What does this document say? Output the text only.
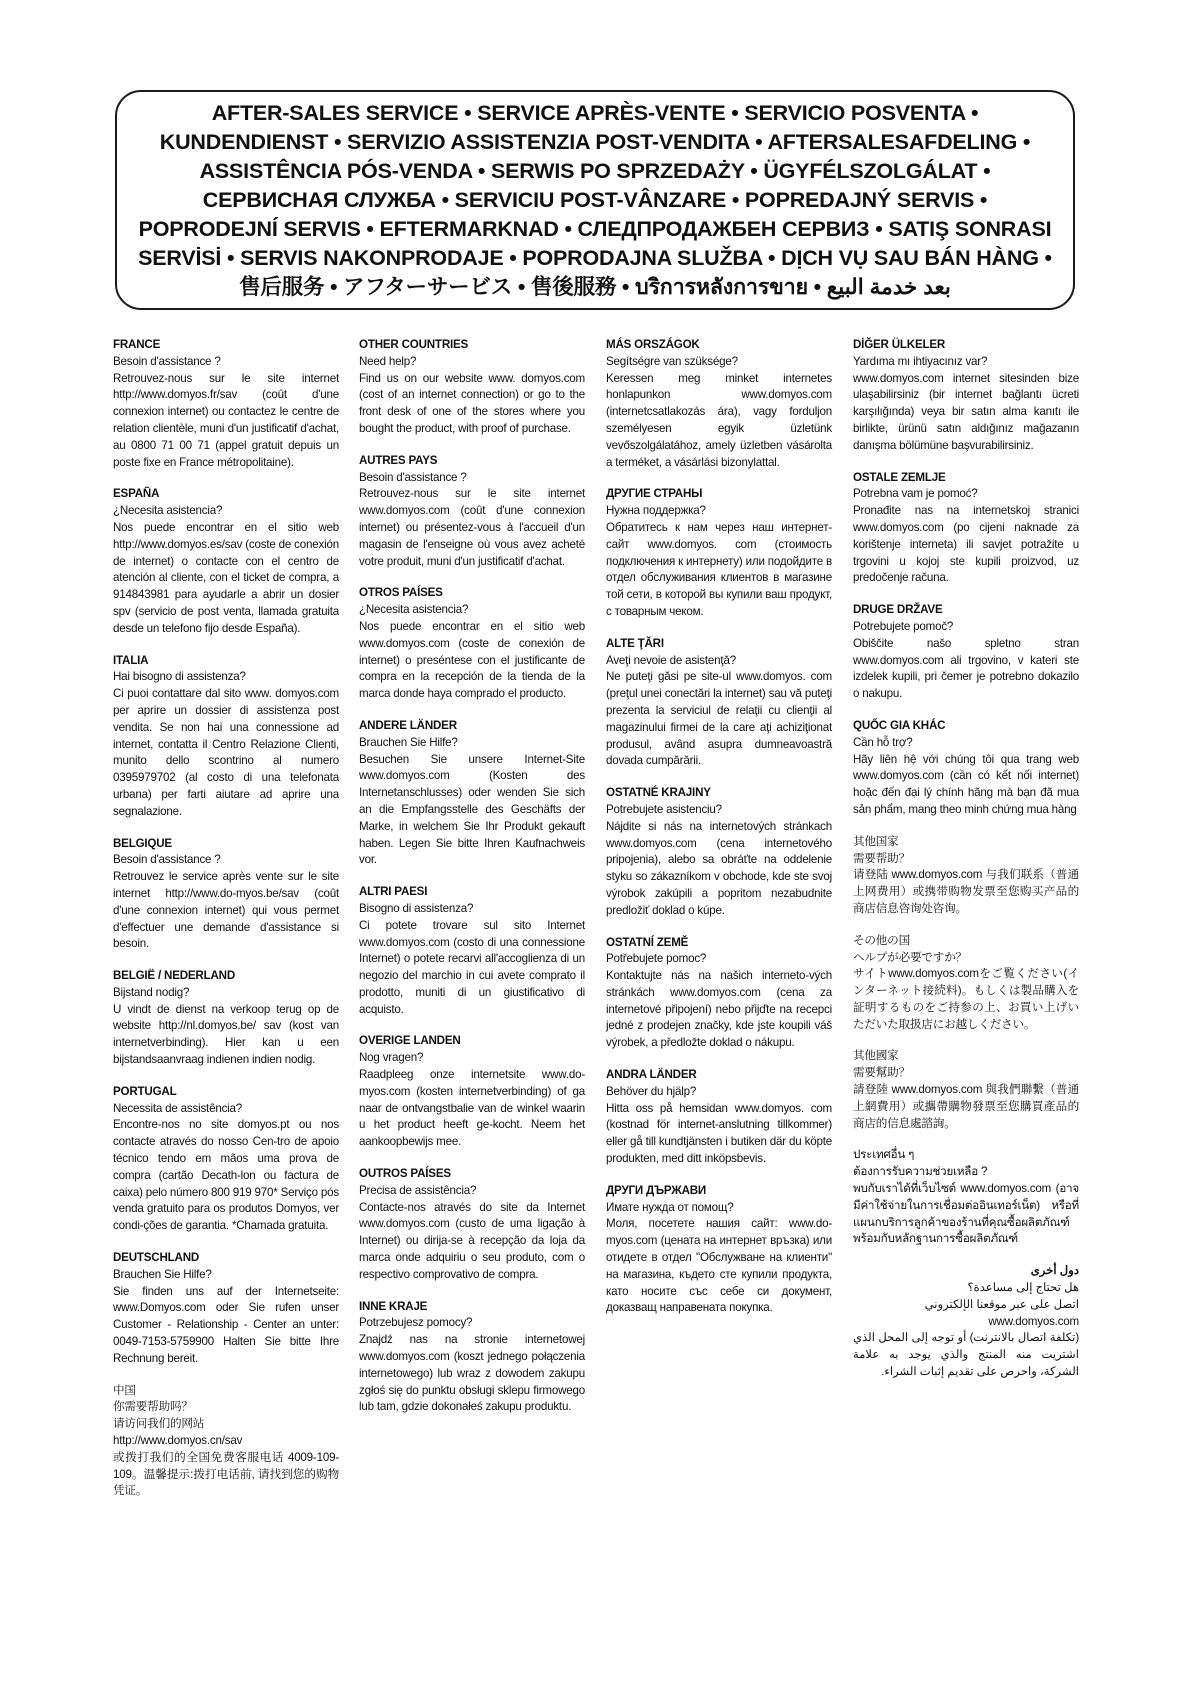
AFTER-SALES SERVICE • SERVICE APRÈS-VENTE • SERVICIO POSVENTA •
KUNDENDIENST • SERVIZIO ASSISTENZIA POST-VENDITA • AFTERSALESAFDELING •
ASSISTÊNCIA PÓS-VENDA • SERWIS PO SPRZEDAŻY • ÜGYFÉLSZOLGÁLAT •
СЕРВИСНАЯ СЛУЖБА • SERVICIU POST-VÂNZARE • POPREDAJNÝ SERVIS •
POPRODEJNÍ SERVIS • EFTERMARKNAD • СЛЕДПРОДАЖБЕН СЕРВИЗ • SATIŞ SONRASI
SERVİSİ • SERVIS NAKONPRODAJE • POPRODAJNA SLUŽBA • DỊCH VỤ SAU BÁN HÀNG •
售后服务 • アフターサービス • 售後服務 • บริการหลังการขาย • بعد خدمة البيع
FRANCE
Besoin d'assistance ?
Retrouvez-nous sur le site internet http://www.domyos.fr/sav (coût d'une connexion internet) ou contactez le centre de relation clientèle, muni d'un justificatif d'achat, au 0800 71 00 71 (appel gratuit depuis un poste fixe en France métropolitaine).
ESPAÑA
¿Necesita asistencia?
Nos puede encontrar en el sitio web http://www.domyos.es/sav (coste de conexión de internet) o contacte con el centro de atención al cliente, con el ticket de compra, a 914843981 para ayudarle a abrir un dosier spv (servicio de post venta, llamada gratuita desde un telefono fijo desde España).
ITALIA
Hai bisogno di assistenza?
Ci puoi contattare dal sito www. domyos.com per aprire un dossier di assistenza post vendita. Se non hai una connessione ad internet, contatta il Centro Relazione Clienti, munito dello scontrino al numero 0395979702 (al costo di una telefonata urbana) per farti aiutare ad aprire una segnalazione.
BELGIQUE
Besoin d'assistance ?
Retrouvez le service après vente sur le site internet http://www.do-myos.be/sav (coût d'une connexion internet) qui vous permet d'effectuer une demande d'assistance si besoin.
BELGIË / NEDERLAND
Bijstand nodig?
U vindt de dienst na verkoop terug op de website http://nl.domyos.be/ sav (kost van internetverbinding). Hier kan u een bijstandsaanvraag indienen indien nodig.
PORTUGAL
Necessita de assistência?
Encontre-nos no site domyos.pt ou nos contacte através do nosso Cen-tro de apoio técnico tendo em mãos uma prova de compra (cartão Decath-lon ou factura de caixa) pelo número 800 919 970* Serviço pós venda gratuito para os produtos Domyos, ver condi-ções de garantia. *Chamada gratuita.
DEUTSCHLAND
Brauchen Sie Hilfe?
Sie finden uns auf der Internetseite: www.Domyos.com oder Sie rufen unser Customer - Relationship - Center an unter: 0049-7153-5759900 Halten Sie bitte Ihre Rechnung bereit.
中国
你需要帮助吗？
请访问我们的网站
http://www.domyos.cn/sav
或拨打我们的全国免费客服电话 4009-109-109。温馨提示:拨打电话前, 请找到您的购物凭证。
OTHER COUNTRIES
Need help?
Find us on our website www. domyos.com (cost of an internet connection) or go to the front desk of one of the stores where you bought the product, with proof of purchase.
AUTRES PAYS
Besoin d'assistance ?
Retrouvez-nous sur le site internet www.domyos.com (coût d'une connexion internet) ou présentez-vous à l'accueil d'un magasin de l'enseigne où vous avez acheté votre produit, muni d'un justificatif d'achat.
OTROS PAÍSES
¿Necesita asistencia?
Nos puede encontrar en el sitio web www.domyos.com (coste de conexión de internet) o preséntese con el justificante de compra en la recepción de la tienda de la marca donde haya comprado el producto.
ANDERE LÄNDER
Brauchen Sie Hilfe?
Besuchen Sie unsere Internet-Site www.domyos.com (Kosten des Internetanschlusses) oder wenden Sie sich an die Empfangsstelle des Geschäfts der Marke, in welchem Sie Ihr Produkt gekauft haben. Legen Sie bitte Ihren Kaufnachweis vor.
ALTRI PAESI
Bisogno di assistenza?
Ci potete trovare sul sito Internet www.domyos.com (costo di una connessione Internet) o potete recarvi all'accoglienza di un negozio del marchio in cui avete comprato il prodotto, muniti di un giustificativo di acquisto.
OVERIGE LANDEN
Nog vragen?
Raadpleeg onze internetsite www.do-myos.com (kosten internetverbinding) of ga naar de ontvangstbalie van de winkel waarin u het product heeft ge-kocht. Neem het aankoopbewijs mee.
OUTROS PAÍSES
Precisa de assistência?
Contacte-nos através do site da Internet www.domyos.com (custo de uma ligação à Internet) ou dirija-se à recepção da loja da marca onde adquiriu o seu produto, com o respectivo comprovativo de compra.
INNE KRAJE
Potrzebujesz pomocy?
Znajdź nas na stronie internetowej www.domyos.com (koszt jednego połączenia internetowego) lub wraz z dowodem zakupu zgłoś się do punktu obsługi sklepu firmowego lub tam, gdzie dokonałeś zakupu produktu.
MÁS ORSZÁGOK
Segítségre van szüksége?
Keressen meg minket internetes honlapunkon www.domyos.com (internetcsatlakozás ára), vagy forduljon személyesen egyik üzletünk vevőszolgálatához, amely üzletben vásárolta a terméket, a vásárlási bizonylattal.
ДРУГИЕ СТРАНЫ
Нужна поддержка?
Обратитесь к нам через наш интернет-сайт www.domyos. com (стоимость подключения к интернету) или подойдите в отдел обслуживания клиентов в магазине той сети, в которой вы купили ваш продукт, с товарным чеком.
ALTE ŢĂRI
Aveţi nevoie de asistenţă?
Ne puteţi găsi pe site-ul www.domyos. com (preţul unei conectări la internet) sau vă puteţi prezenta la serviciul de relaţii cu clienţii al magazinului firmei de la care aţi achiziţionat produsul, având asupra dumneavoastră dovada cumpărării.
OSTATNÉ KRAJINY
Potrebujete asistenciu?
Nájdite si nás na internetových stránkach www.domyos.com (cena internetového pripojenia), alebo sa obráťte na oddelenie styku so zákazníkom v obchode, kde ste svoj výrobok zakúpili a popritom nezabudnite predložiť doklad o kúpe.
OSTATNÍ ZEMĚ
Potřebujete pomoc?
Kontaktujte nás na našich interneto-vých stránkách www.domyos.com (cena za internetové připojení) nebo přijďte na recepci jedné z prodejen značky, kde jste koupili váš výrobek, a předložte doklad o nákupu.
ANDRA LÄNDER
Behöver du hjälp?
Hitta oss på hemsidan www.domyos. com (kostnad för internet-anslutning tillkommer) eller gå till kundtjänsten i butiken där du köpte produkten, med ditt inköpsbevis.
ДРУГИ ДЪРЖАВИ
Имате нужда от помощ?
Моля, посетете нашия сайт: www.do-myos.com (цената на интернет връзка) или отидете в отдел "Обслужване на клиенти" на магазина, където сте купили продукта, като носите със себе си документ, доказващ направената покупка.
DİĞER ÜLKELER
Yardıma mı ihtiyacınız var?
www.domyos.com internet sitesinden bize ulaşabilirsiniz (bir internet bağlantı ücreti karşılığında) veya bir satın alma kanıtı ile birlikte, ürünü satın aldığınız mağazanın danışma bölümüne başvurabilirsiniz.
OSTALE ZEMLJE
Potrebna vam je pomoć?
Pronađite nas na internetskoj stranici www.domyos.com (po cijeni naknade za korištenje interneta) ili savjet potražite u trgovini u kojoj ste kupili proizvod, uz predočenje računa.
DRUGE DRŽAVE
Potrebujete pomoč?
Obiščite našo spletno stran www.domyos.com ali trgovino, v kateri ste izdelek kupili, pri čemer je potrebno dokazilo o nakupu.
QUỐC GIA KHÁC
Cần hỗ trợ?
Hãy liên hệ với chúng tôi qua trang web www.domyos.com (cần có kết nối internet) hoặc đến đại lý chính hãng mà bạn đã mua sản phẩm, mang theo minh chứng mua hàng
其他国家
需要帮助？
请登陆 www.domyos.com 与我们联系（普通上网费用）或携带购物发票至您购买产品的商店信息咨询处咨询。
その他の国
ヘルプが必要ですか？
サイトwww.domyos.comをご覧ください(インターネット接続料)。もしくは製品購入を証明するものをご持参の上、お買い上げいただいた取扱店にお越しください。
其他國家
需要幫助？
請登陸 www.domyos.com 與我們聯繫（普通上網費用）或攜帶購物發票至您購買產品的商店的信息處諮詢。
ประเทศอื่น ๆ
ต้องการรับความช่วยเหลือ ?
พบกับเราได้ที่เว็บไซต์ www.domyos.com (อาจมีค่าใช้จ่ายในการเชื่อมต่ออินเทอร์เน็ต) หรือที่แผนกบริการลูกค้าของร้านที่คุณซื้อผลิตภัณฑ์ พร้อมกับหลักฐานการซื้อผลิตภัณฑ์
دول أخرى
هل تحتاج إلى مساعدة؟
اتصل على عبر موقعنا الإلكتروني
www.domyos.com
(تكلفة اتصال بالانترنت) أو توجه إلى المحل الذي اشتريت منه المنتج والذي يوجد به علامة الشركة، واحرص على تقديم إثبات الشراء.
